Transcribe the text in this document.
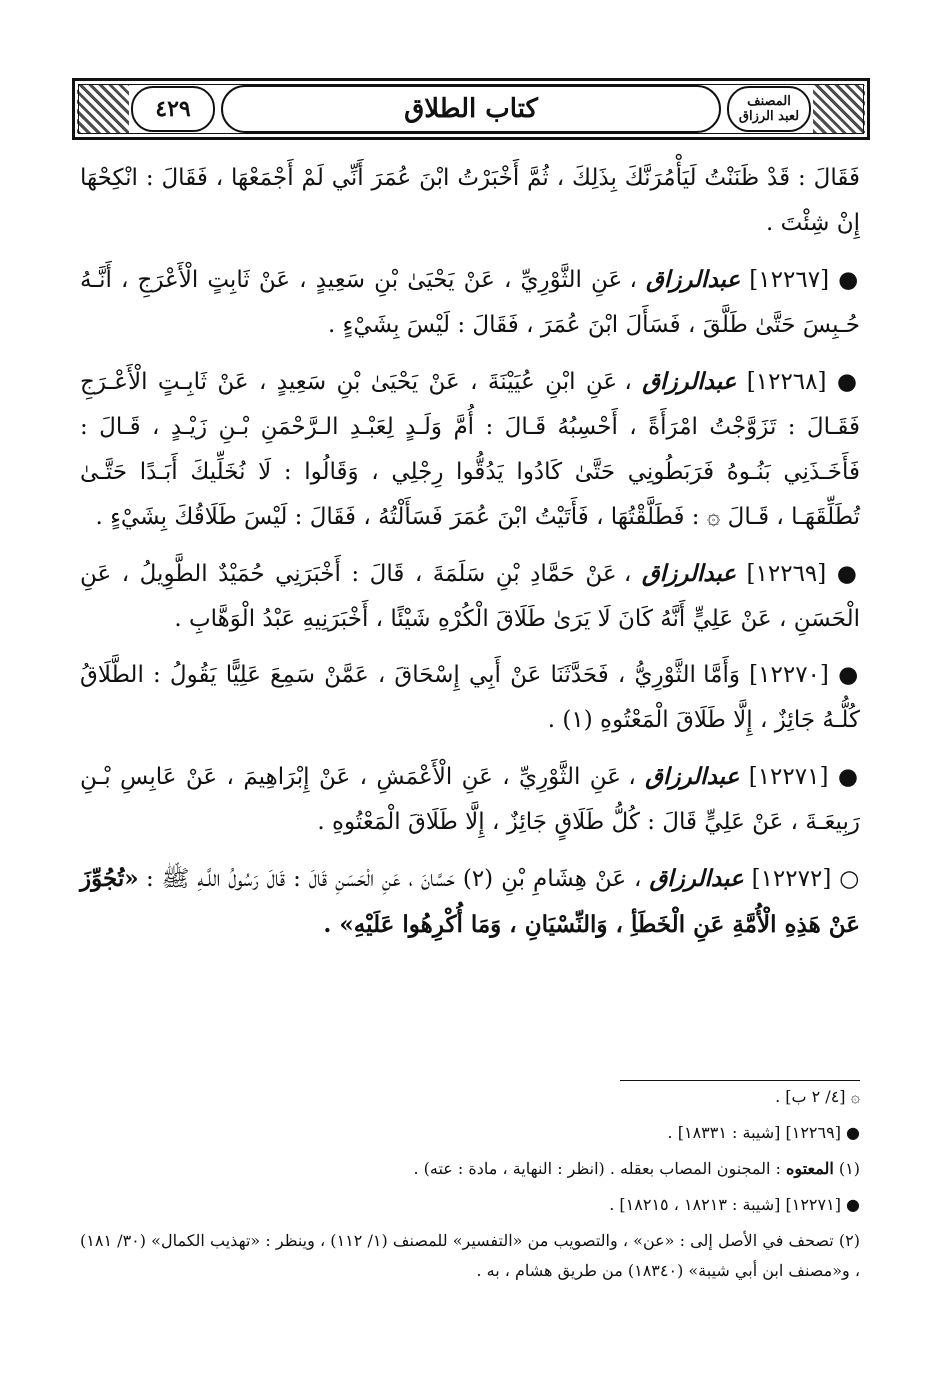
٤٢٩	كتاب الطلاق	المصنف
لعبد الرزاق

فَقَالَ : قَدْ ظَنَنْتُ لَيَأْمُرَنَّكَ بِذَلِكَ ، ثُمَّ أَخْبَرْتُ ابْنَ عُمَرَ أَنِّي لَمْ أَجْمَعْهَا ، فَقَالَ : انْكِحْهَا إِنْ شِئْتَ .

● [١٢٢٦٧] عبدالرزاق ، عَنِ الثَّوْرِيِّ ، عَنْ يَحْيَىٰ بْنِ سَعِيدٍ ، عَنْ ثَابِتٍ الْأَعْرَجِ ، أَنَّـهُ حُـبِسَ حَتَّىٰ طَلَّقَ ، فَسَأَلَ ابْنَ عُمَرَ ، فَقَالَ : لَيْسَ بِشَيْءٍ .

● [١٢٢٦٨] عبدالرزاق ، عَنِ ابْنِ عُيَيْنَةَ ، عَنْ يَحْيَىٰ بْنِ سَعِيدٍ ، عَنْ ثَابِـتٍ الْأَعْـرَجِ فَقَـالَ : تَزَوَّجْتُ امْرَأَةً ، أَحْسِبُهُ قَـالَ : أُمَّ وَلَـدٍ لِعَبْـدِ الـرَّحْمَنِ بْـنِ زَيْـدٍ ، قَـالَ : فَأَخَـذَنِي بَنُـوهُ فَرَبَطُونِي حَتَّىٰ كَادُوا يَدُقُّوا رِجْلِي ، وَقَالُوا : لَا نُخَلِّيكَ أَبَـدًا حَتَّـىٰ تُطَلِّقَهَـا ، قَـالَ ۞ : فَطَلَّقْتُهَا ، فَأَتَيْتُ ابْنَ عُمَرَ فَسَأَلْتُهُ ، فَقَالَ : لَيْسَ طَلَاقُكَ بِشَيْءٍ .

● [١٢٢٦٩] عبدالرزاق ، عَنْ حَمَّادِ بْنِ سَلَمَةَ ، قَالَ : أَخْبَرَنِي حُمَيْدٌ الطَّوِيلُ ، عَنِ الْحَسَنِ ، عَنْ عَلِيٍّ أَنَّهُ كَانَ لَا يَرَىٰ طَلَاقَ الْكُرْهِ شَيْئًا ، أَخْبَرَنِيهِ عَبْدُ الْوَهَّابِ .

● [١٢٢٧٠] وَأَمَّا الثَّوْرِيُّ ، فَحَدَّثَنَا عَنْ أَبِي إِسْحَاقَ ، عَمَّنْ سَمِعَ عَلِيًّا يَقُولُ : الطَّلَاقُ كُلُّـهُ جَائِزٌ ، إِلَّا طَلَاقَ الْمَعْتُوهِ (١) .

● [١٢٢٧١] عبدالرزاق ، عَنِ الثَّوْرِيِّ ، عَنِ الْأَعْمَشِ ، عَنْ إِبْرَاهِيمَ ، عَنْ عَابِسِ بْـنِ رَبِيعَـةَ ، عَنْ عَلِيٍّ قَالَ : كُلُّ طَلَاقٍ جَائِزٌ ، إِلَّا طَلَاقَ الْمَعْتُوهِ .

○ [١٢٢٧٢] عبدالرزاق ، عَنْ هِشَامِ بْنِ (٢) حَسَّانَ ، عَنِ الْحَسَنِ قَالَ : قَالَ رَسُولُ اللَّـهِ ﷺ : «تُجُوِّزَ عَنْ هَذِهِ الْأُمَّةِ عَنِ الْخَطَأِ ، وَالنِّسْيَانِ ، وَمَا أُكْرِهُوا عَلَيْهِ» .

۞ [٤/ ٢ ب] .

● [١٢٢٦٩] [شيبة : ١٨٣٣١] .

(١) المعتوه : المجنون المصاب بعقله . (انظر : النهاية ، مادة : عته) .

● [١٢٢٧١] [شيبة : ١٨٢١٣ ، ١٨٢١٥] .

(٢) تصحف في الأصل إلى : «عن» ، والتصويب من «التفسير» للمصنف (١/ ١١٢) ، وينظر : «تهذيب الكمال» (٣٠/ ١٨١) ، و«مصنف ابن أبي شيبة» (١٨٣٤٠) من طريق هشام ، به .
